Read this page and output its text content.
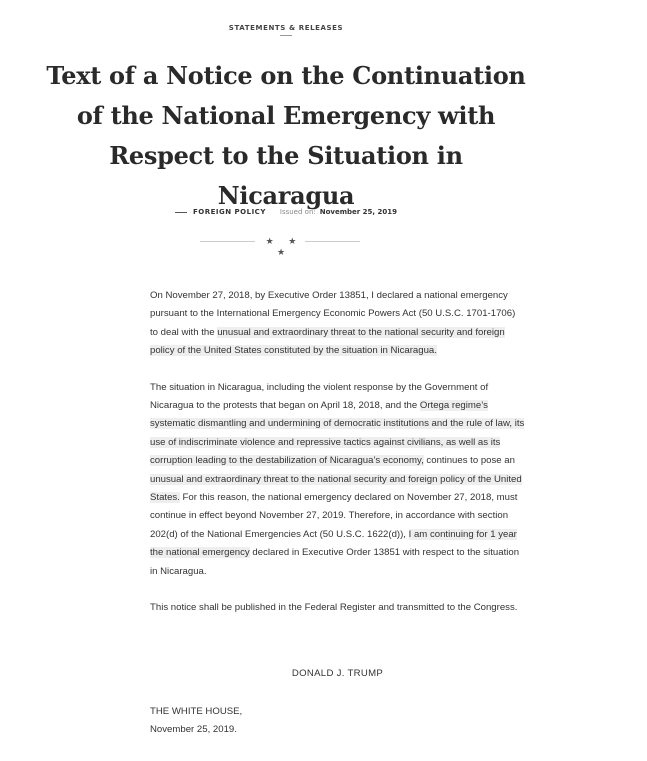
STATEMENTS & RELEASES
Text of a Notice on the Continuation of the National Emergency with Respect to the Situation in Nicaragua
FOREIGN POLICY Issued on: November 25, 2019
★ ★ ★

On November 27, 2018, by Executive Order 13851, I declared a national emergency pursuant to the International Emergency Economic Powers Act (50 U.S.C. 1701-1706) to deal with the unusual and extraordinary threat to the national security and foreign policy of the United States constituted by the situation in Nicaragua.

The situation in Nicaragua, including the violent response by the Government of Nicaragua to the protests that began on April 18, 2018, and the Ortega regime’s systematic dismantling and undermining of democratic institutions and the rule of law, its use of indiscriminate violence and repressive tactics against civilians, as well as its corruption leading to the destabilization of Nicaragua’s economy, continues to pose an unusual and extraordinary threat to the national security and foreign policy of the United States. For this reason, the national emergency declared on November 27, 2018, must continue in effect beyond November 27, 2019. Therefore, in accordance with section 202(d) of the National Emergencies Act (50 U.S.C. 1622(d)), I am continuing for 1 year the national emergency declared in Executive Order 13851 with respect to the situation in Nicaragua.

This notice shall be published in the Federal Register and transmitted to the Congress.

DONALD J. TRUMP
THE WHITE HOUSE,
November 25, 2019.
